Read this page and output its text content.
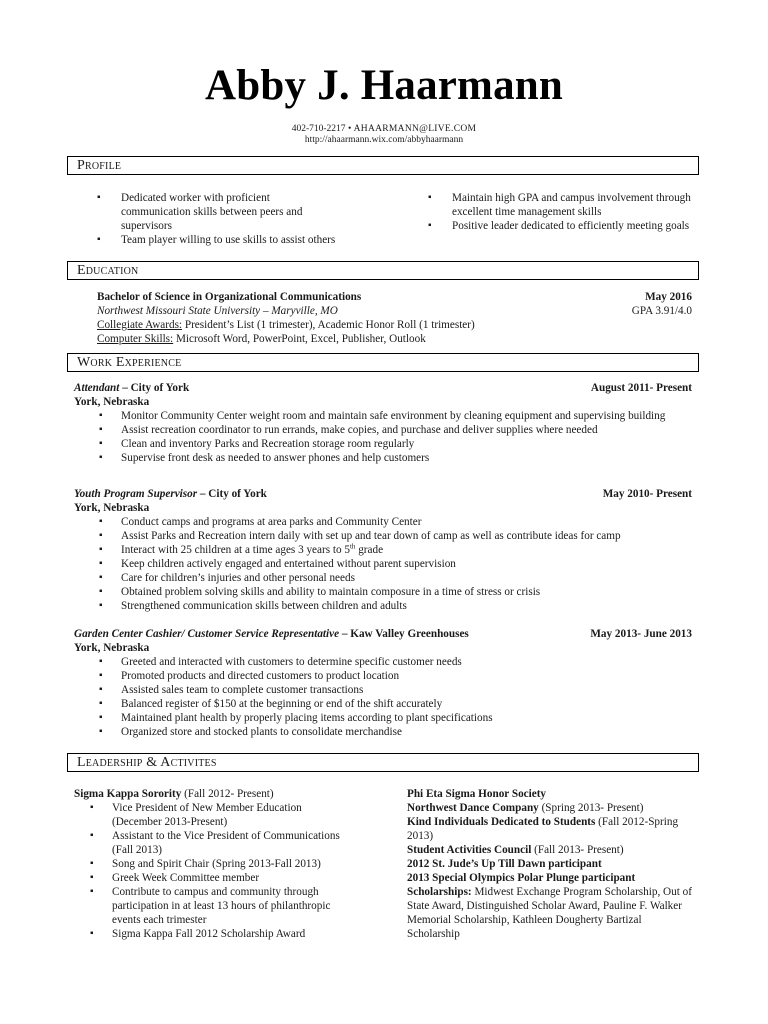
Abby J. Haarmann
402-710-2217 • AHAARMANN@LIVE.COM
http://ahaarmann.wix.com/abbyhaarmann
Profile
▪ Dedicated worker with proficient communication skills between peers and supervisors
▪ Team player willing to use skills to assist others
▪ Maintain high GPA and campus involvement through excellent time management skills
▪ Positive leader dedicated to efficiently meeting goals
Education
Bachelor of Science in Organizational Communications	May 2016
Northwest Missouri State University – Maryville, MO	GPA 3.91/4.0
Collegiate Awards: President’s List (1 trimester), Academic Honor Roll (1 trimester)
Computer Skills: Microsoft Word, PowerPoint, Excel, Publisher, Outlook
Work Experience
Attendant – City of York	August 2011- Present
York, Nebraska
▪ Monitor Community Center weight room and maintain safe environment by cleaning equipment and supervising building
▪ Assist recreation coordinator to run errands, make copies, and purchase and deliver supplies where needed
▪ Clean and inventory Parks and Recreation storage room regularly
▪ Supervise front desk as needed to answer phones and help customers
Youth Program Supervisor – City of York	May 2010- Present
York, Nebraska
▪ Conduct camps and programs at area parks and Community Center
▪ Assist Parks and Recreation intern daily with set up and tear down of camp as well as contribute ideas for camp
▪ Interact with 25 children at a time ages 3 years to 5th grade
▪ Keep children actively engaged and entertained without parent supervision
▪ Care for children’s injuries and other personal needs
▪ Obtained problem solving skills and ability to maintain composure in a time of stress or crisis
▪ Strengthened communication skills between children and adults
Garden Center Cashier/ Customer Service Representative – Kaw Valley Greenhouses	May 2013- June 2013
York, Nebraska
▪ Greeted and interacted with customers to determine specific customer needs
▪ Promoted products and directed customers to product location
▪ Assisted sales team to complete customer transactions
▪ Balanced register of $150 at the beginning or end of the shift accurately
▪ Maintained plant health by properly placing items according to plant specifications
▪ Organized store and stocked plants to consolidate merchandise
Leadership & Activites
Sigma Kappa Sorority (Fall 2012- Present)
▪ Vice President of New Member Education (December 2013-Present)
▪ Assistant to the Vice President of Communications (Fall 2013)
▪ Song and Spirit Chair (Spring 2013-Fall 2013)
▪ Greek Week Committee member
▪ Contribute to campus and community through participation in at least 13 hours of philanthropic events each trimester
▪ Sigma Kappa Fall 2012 Scholarship Award
Phi Eta Sigma Honor Society
Northwest Dance Company (Spring 2013- Present)
Kind Individuals Dedicated to Students (Fall 2012-Spring 2013)
Student Activities Council (Fall 2013- Present)
2012 St. Jude’s Up Till Dawn participant
2013 Special Olympics Polar Plunge participant
Scholarships: Midwest Exchange Program Scholarship, Out of State Award, Distinguished Scholar Award, Pauline F. Walker Memorial Scholarship, Kathleen Dougherty Bartizal Scholarship
